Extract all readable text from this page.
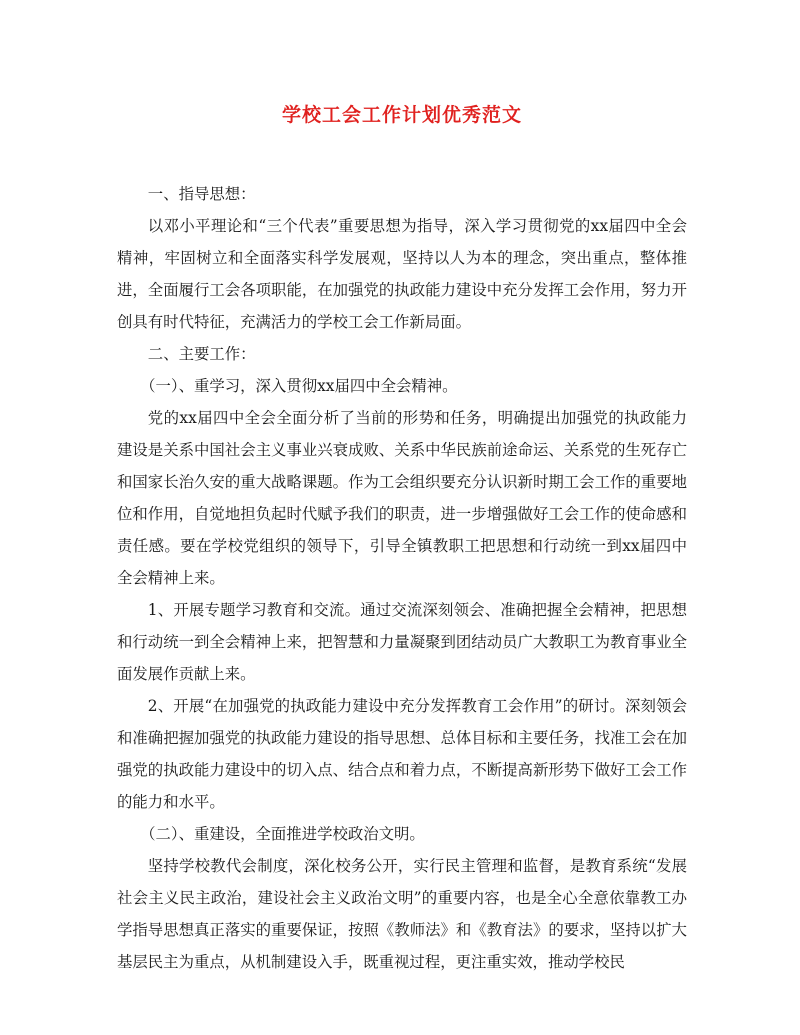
学校工会工作计划优秀范文

一、指导思想：

以邓小平理论和“三个代表”重要思想为指导，深入学习贯彻党的xx届四中全会精神，牢固树立和全面落实科学发展观，坚持以人为本的理念，突出重点，整体推进，全面履行工会各项职能，在加强党的执政能力建设中充分发挥工会作用，努力开创具有时代特征，充满活力的学校工会工作新局面。

二、主要工作：

（一）、重学习，深入贯彻xx届四中全会精神。

党的xx届四中全会全面分析了当前的形势和任务，明确提出加强党的执政能力建设是关系中国社会主义事业兴衰成败、关系中华民族前途命运、关系党的生死存亡和国家长治久安的重大战略课题。作为工会组织要充分认识新时期工会工作的重要地位和作用，自觉地担负起时代赋予我们的职责，进一步增强做好工会工作的使命感和责任感。要在学校党组织的领导下，引导全镇教职工把思想和行动统一到xx届四中全会精神上来。

1、开展专题学习教育和交流。通过交流深刻领会、准确把握全会精神，把思想和行动统一到全会精神上来，把智慧和力量凝聚到团结动员广大教职工为教育事业全面发展作贡献上来。

2、开展“在加强党的执政能力建设中充分发挥教育工会作用”的研讨。深刻领会和准确把握加强党的执政能力建设的指导思想、总体目标和主要任务，找准工会在加强党的执政能力建设中的切入点、结合点和着力点，不断提高新形势下做好工会工作的能力和水平。

（二）、重建设，全面推进学校政治文明。

坚持学校教代会制度，深化校务公开，实行民主管理和监督，是教育系统“发展社会主义民主政治，建设社会主义政治文明”的重要内容，也是全心全意依靠教工办学指导思想真正落实的重要保证，按照《教师法》和《教育法》的要求，坚持以扩大基层民主为重点，从机制建设入手，既重视过程，更注重实效，推动学校民
